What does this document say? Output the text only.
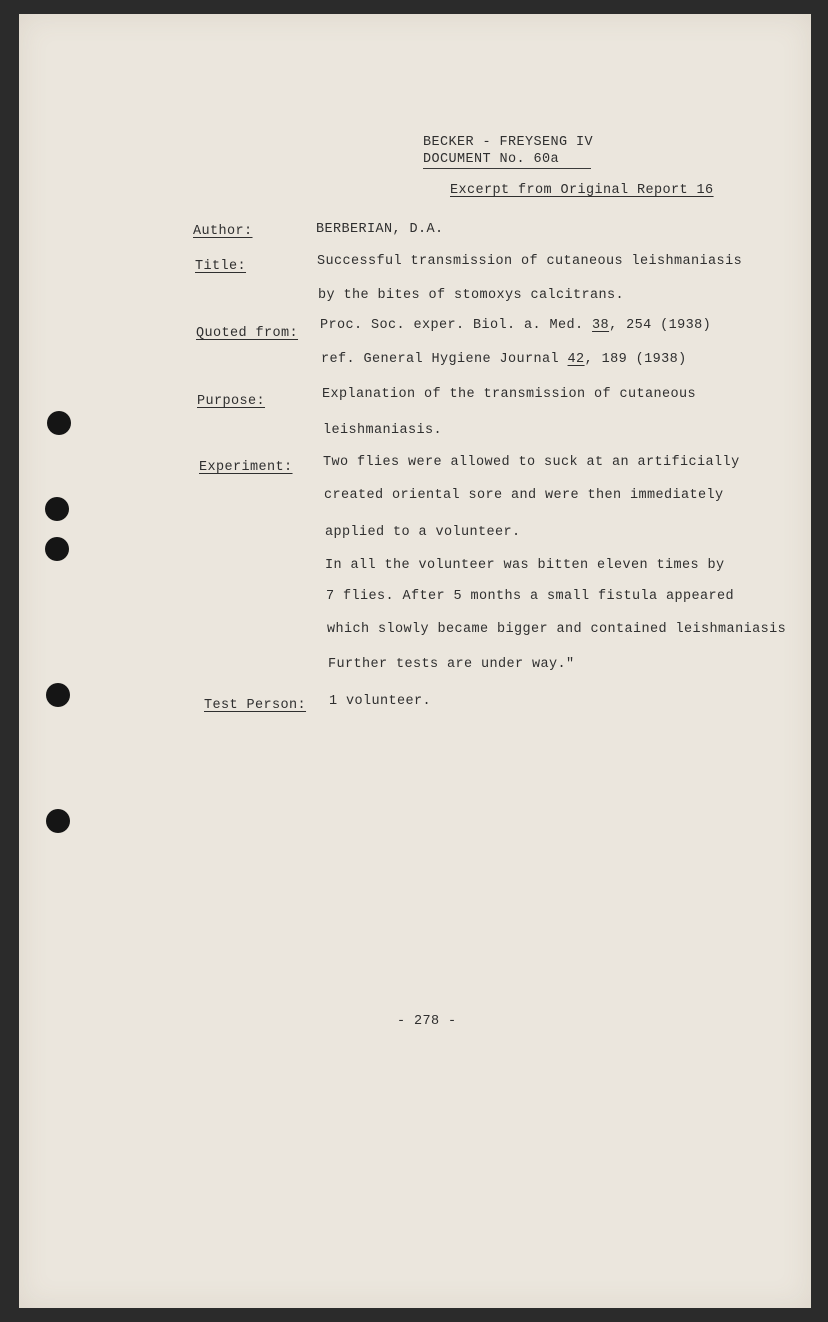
BECKER - FREYSENG IV
DOCUMENT No. 60a
Excerpt from Original Report 16
Author:	BERBERIAN, D.A.
Title:	Successful transmission of cutaneous leishmaniasis
by the bites of stomoxys calcitrans.
Quoted from:
Proc. Soc. exper. Biol. a. Med. 38, 254 (1938)
ref. General Hygiene Journal 42, 189 (1938)
Purpose:	Explanation of the transmission of cutaneous
leishmaniasis.
Experiment: Two flies were allowed to suck at an artificially
created oriental sore and were then immediately
applied to a volunteer.
In all the volunteer was bitten eleven times by
7 flies. After 5 months a small fistula appeared
which slowly became bigger and contained leishmaniasis
Further tests are under way."
Test Person: 1 volunteer.
- 278 -
